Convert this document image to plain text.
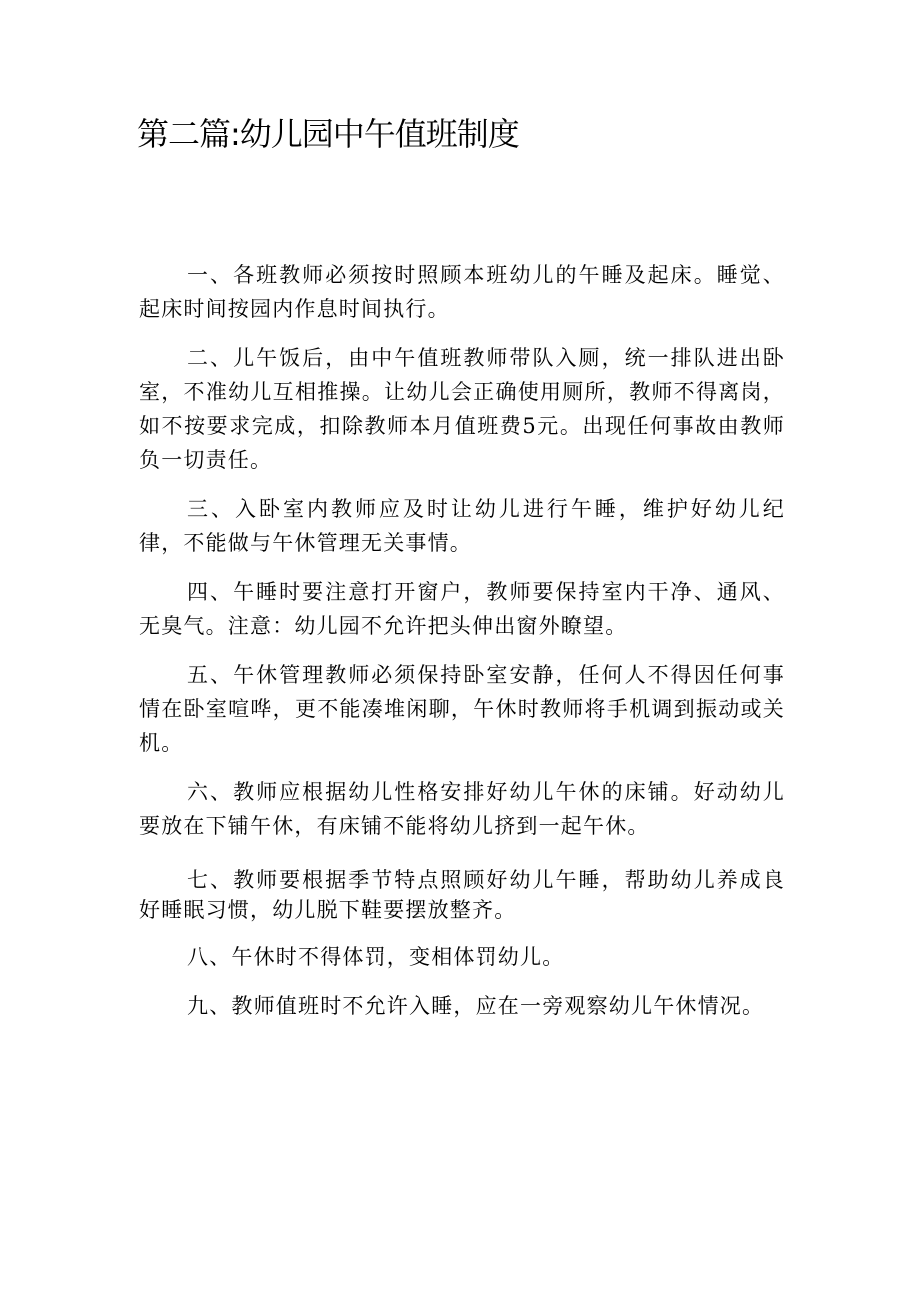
第二篇:幼儿园中午值班制度

一、各班教师必须按时照顾本班幼儿的午睡及起床。睡觉、起床时间按园内作息时间执行。

二、儿午饭后，由中午值班教师带队入厕，统一排队进出卧室，不准幼儿互相推操。让幼儿会正确使用厕所，教师不得离岗，如不按要求完成，扣除教师本月值班费5元。出现任何事故由教师负一切责任。

三、入卧室内教师应及时让幼儿进行午睡，维护好幼儿纪律，不能做与午休管理无关事情。

四、午睡时要注意打开窗户，教师要保持室内干净、通风、无臭气。注意：幼儿园不允许把头伸出窗外瞭望。

五、午休管理教师必须保持卧室安静，任何人不得因任何事情在卧室喧哗，更不能凑堆闲聊，午休时教师将手机调到振动或关机。

六、教师应根据幼儿性格安排好幼儿午休的床铺。好动幼儿要放在下铺午休，有床铺不能将幼儿挤到一起午休。

七、教师要根据季节特点照顾好幼儿午睡，帮助幼儿养成良好睡眠习惯，幼儿脱下鞋要摆放整齐。

八、午休时不得体罚，变相体罚幼儿。

九、教师值班时不允许入睡，应在一旁观察幼儿午休情况。
